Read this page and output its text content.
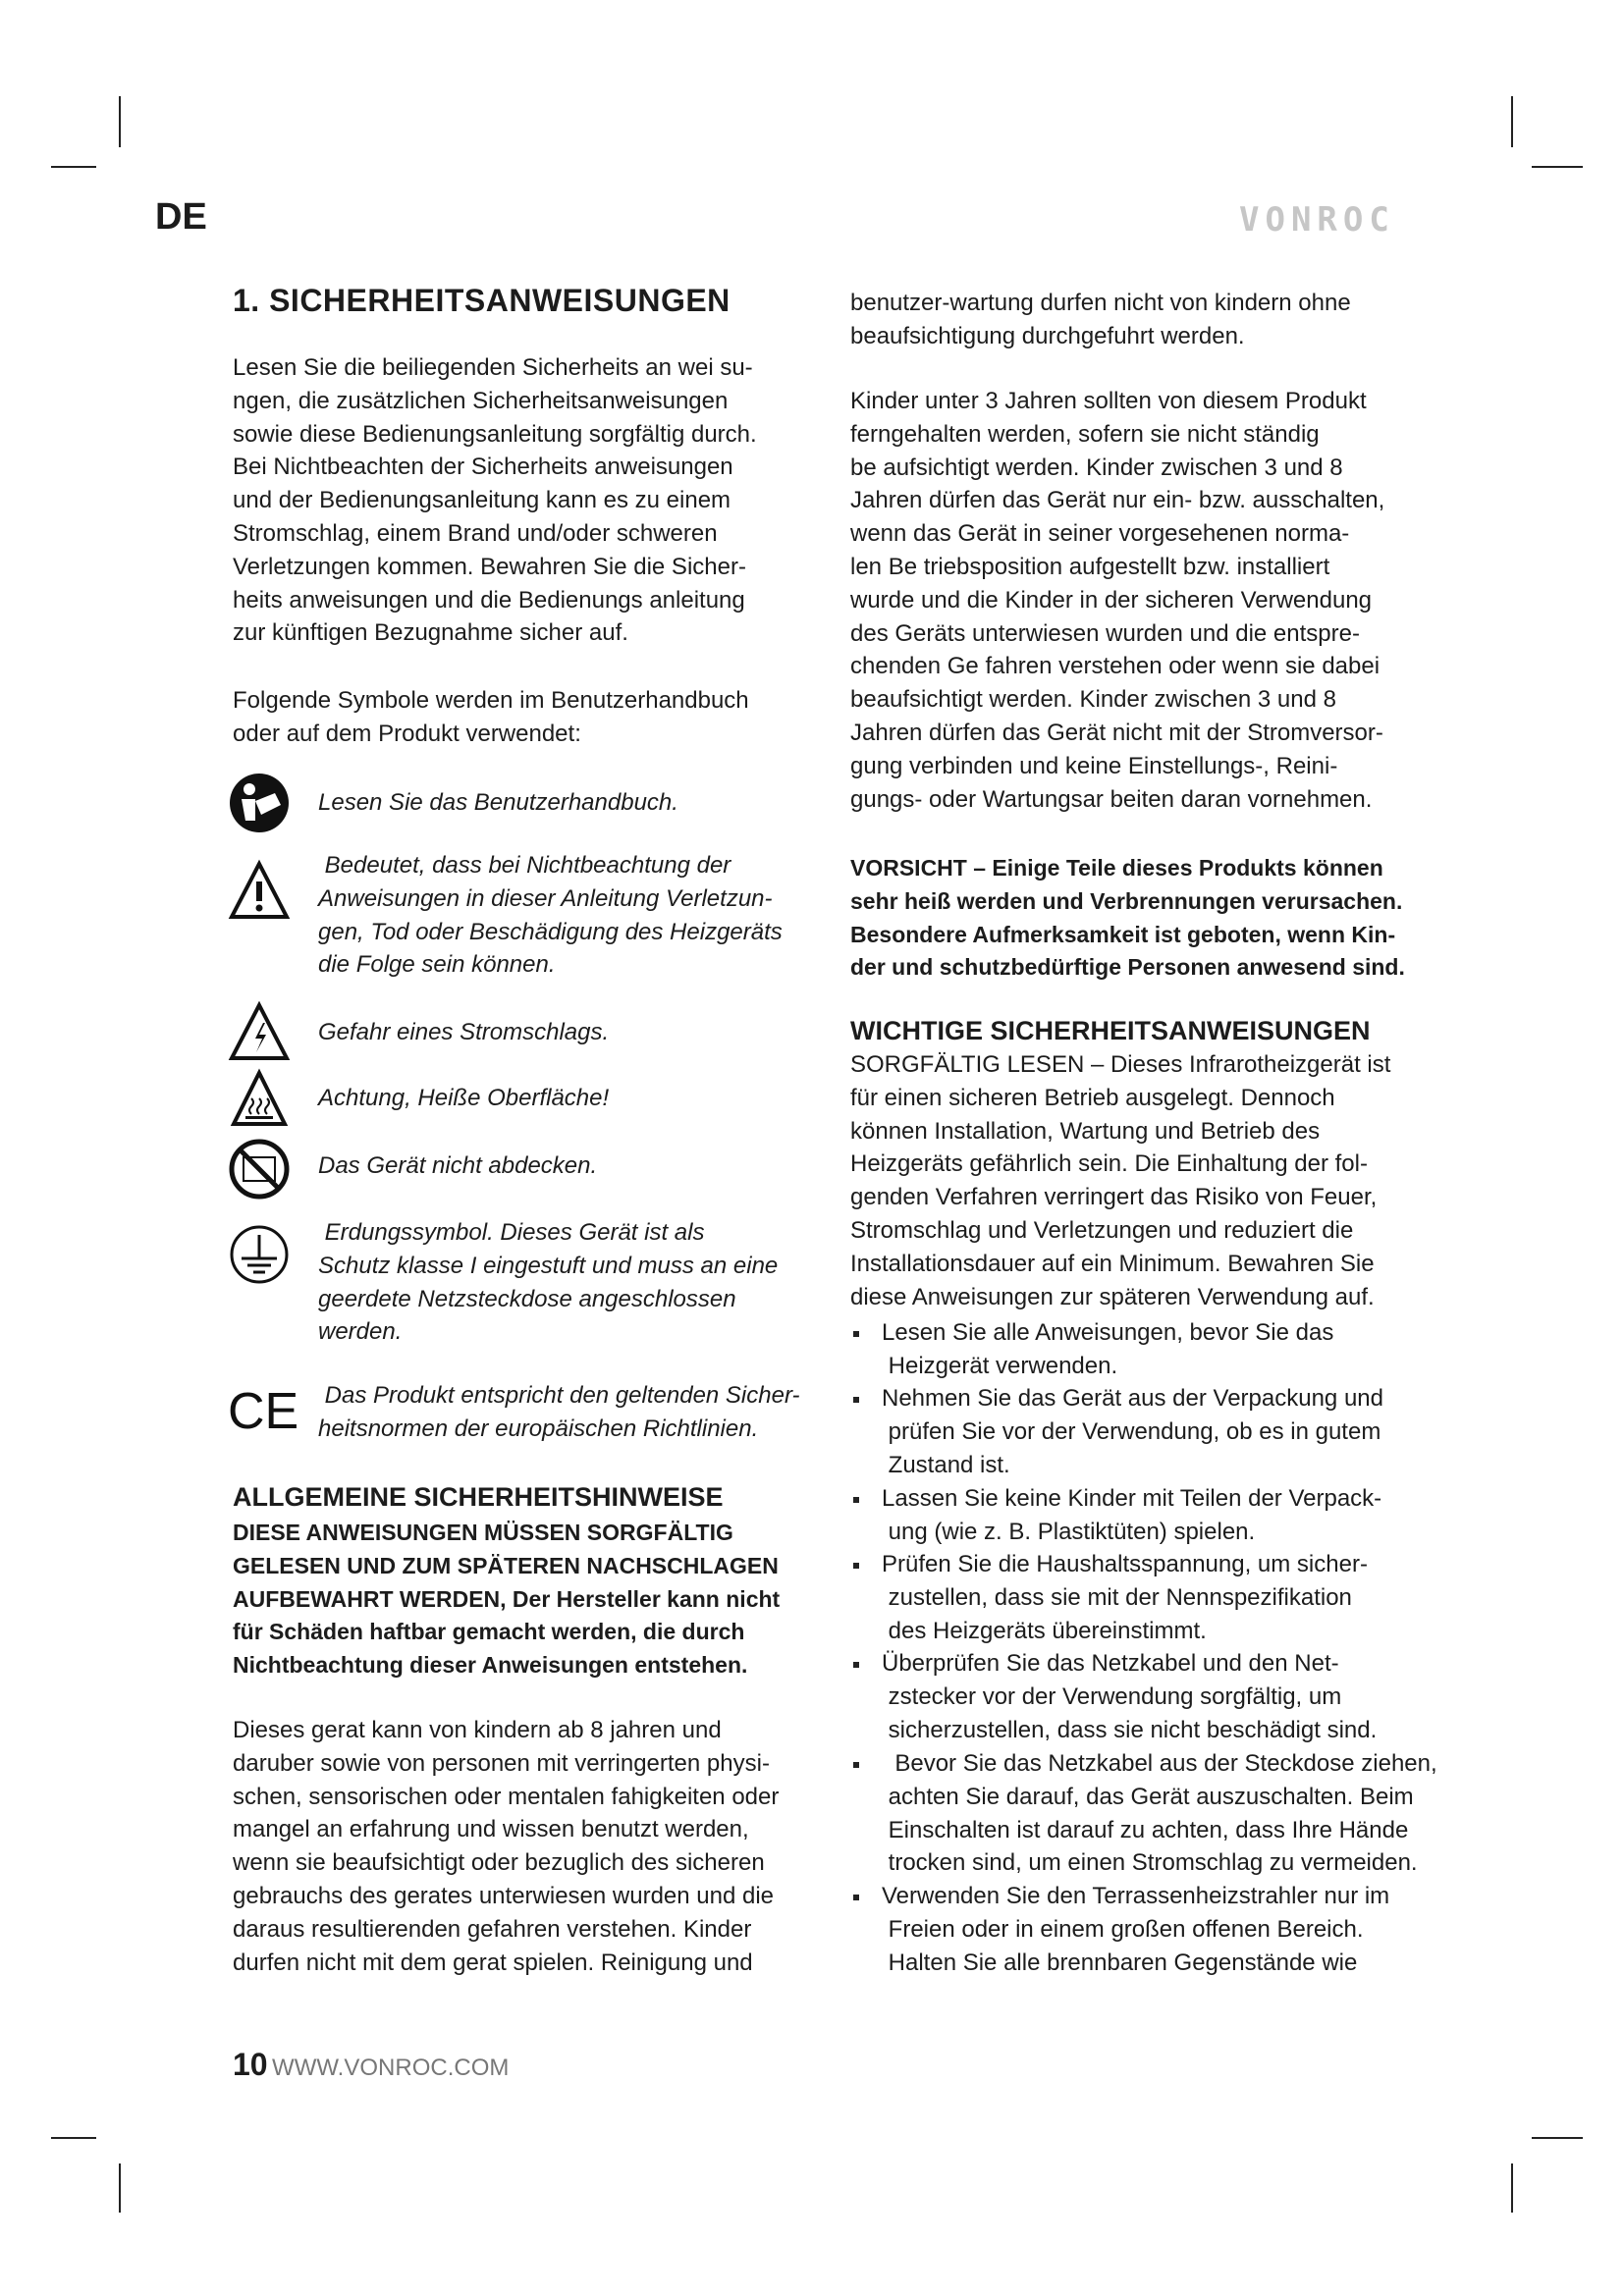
DE	VONROC
1. SICHERHEITSANWEISUNGEN
Lesen Sie die beiliegenden Sicherheits an wei su-
ngen, die zusätzlichen Sicherheitsanweisungen
sowie diese Bedienungsanleitung sorgfältig durch.
Bei Nichtbeachten der Sicherheits anweisungen
und der Bedienungsanleitung kann es zu einem
Stromschlag, einem Brand und/oder schweren
Verletzungen kommen. Bewahren Sie die Sicher-
heits anweisungen und die Bedienungs anleitung
zur künftigen Bezugnahme sicher auf.
Folgende Symbole werden im Benutzerhandbuch
oder auf dem Produkt verwendet:
Lesen Sie das Benutzerhandbuch.
Bedeutet, dass bei Nichtbeachtung der
Anweisungen in dieser Anleitung Verletzun-
gen, Tod oder Beschädigung des Heizgeräts
die Folge sein können.
Gefahr eines Stromschlags.
Achtung, Heiße Oberfläche!
Das Gerät nicht abdecken.
Erdungssymbol. Dieses Gerät ist als
Schutz klasse I eingestuft und muss an eine
geerdete Netzsteckdose angeschlossen
werden.
CE Das Produkt entspricht den geltenden Sicher-
heitsnormen der europäischen Richtlinien.
ALLGEMEINE SICHERHEITSHINWEISE
DIESE ANWEISUNGEN MÜSSEN SORGFÄLTIG
GELESEN UND ZUM SPÄTEREN NACHSCHLAGEN
AUFBEWAHRT WERDEN, Der Hersteller kann nicht
für Schäden haftbar gemacht werden, die durch
Nichtbeachtung dieser Anweisungen entstehen.
Dieses gerat kann von kindern ab 8 jahren und
daruber sowie von personen mit verringerten physi-
schen, sensorischen oder mentalen fahigkeiten oder
mangel an erfahrung und wissen benutzt werden,
wenn sie beaufsichtigt oder bezuglich des sicheren
gebrauchs des gerates unterwiesen wurden und die
daraus resultierenden gefahren verstehen. Kinder
durfen nicht mit dem gerat spielen. Reinigung und
benutzer-wartung durfen nicht von kindern ohne
beaufsichtigung durchgefuhrt werden.
Kinder unter 3 Jahren sollten von diesem Produkt
ferngehalten werden, sofern sie nicht ständig
be aufsichtigt werden. Kinder zwischen 3 und 8
Jahren dürfen das Gerät nur ein- bzw. ausschalten,
wenn das Gerät in seiner vorgesehenen norma-
len Be triebsposition aufgestellt bzw. installiert
wurde und die Kinder in der sicheren Verwendung
des Geräts unterwiesen wurden und die entspre-
chenden Ge fahren verstehen oder wenn sie dabei
beaufsichtigt werden. Kinder zwischen 3 und 8
Jahren dürfen das Gerät nicht mit der Stromversor-
gung verbinden und keine Einstellungs-, Reini-
gungs- oder Wartungsar beiten daran vornehmen.
VORSICHT – Einige Teile dieses Produkts können
sehr heiß werden und Verbrennungen verursachen.
Besondere Aufmerksamkeit ist geboten, wenn Kin-
der und schutzbedürftige Personen anwesend sind.
WICHTIGE SICHERHEITSANWEISUNGEN
SORGFÄLTIG LESEN – Dieses Infrarotheizgerät ist
für einen sicheren Betrieb ausgelegt. Dennoch
können Installation, Wartung und Betrieb des
Heizgeräts gefährlich sein. Die Einhaltung der fol-
genden Verfahren verringert das Risiko von Feuer,
Stromschlag und Verletzungen und reduziert die
Installationsdauer auf ein Minimum. Bewahren Sie
diese Anweisungen zur späteren Verwendung auf.
Lesen Sie alle Anweisungen, bevor Sie das
Heizgerät verwenden.
Nehmen Sie das Gerät aus der Verpackung und
prüfen Sie vor der Verwendung, ob es in gutem
Zustand ist.
Lassen Sie keine Kinder mit Teilen der Verpack-
ung (wie z. B. Plastiktüten) spielen.
Prüfen Sie die Haushaltsspannung, um sicher-
zustellen, dass sie mit der Nennspezifikation
des Heizgeräts übereinstimmt.
Überprüfen Sie das Netzkabel und den Net-
zstecker vor der Verwendung sorgfältig, um
sicherzustellen, dass sie nicht beschädigt sind.
Bevor Sie das Netzkabel aus der Steckdose ziehen,
achten Sie darauf, das Gerät auszuschalten. Beim
Einschalten ist darauf zu achten, dass Ihre Hände
trocken sind, um einen Stromschlag zu vermeiden.
Verwenden Sie den Terrassenheizstrahler nur im
Freien oder in einem großen offenen Bereich.
Halten Sie alle brennbaren Gegenstände wie
10 WWW.VONROC.COM
